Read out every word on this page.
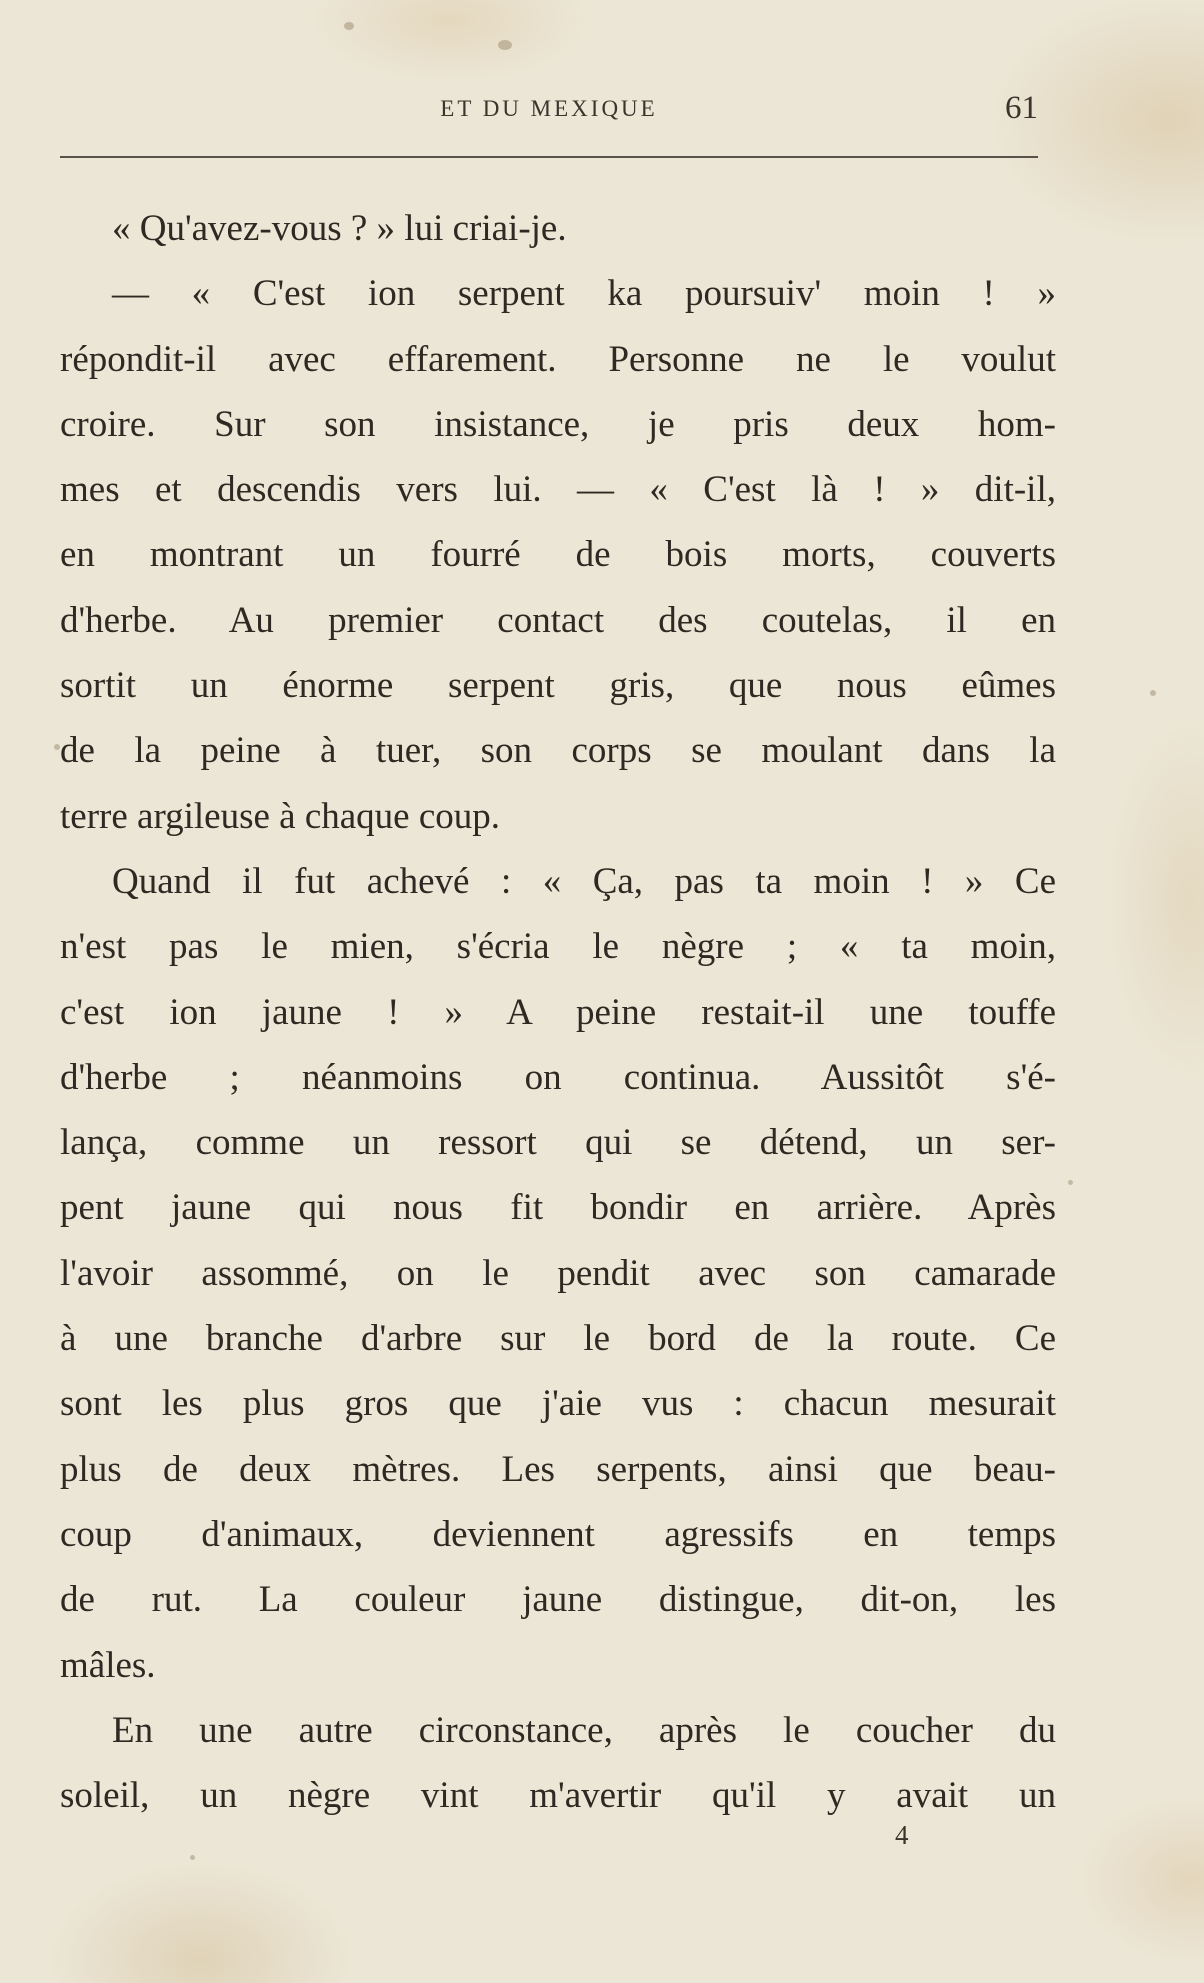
ET DU MEXIQUE	61
« Qu'avez-vous ? » lui criai-je.
— « C'est ion serpent ka poursuiv' moin ! »
répondit-il avec effarement. Personne ne le voulut
croire. Sur son insistance, je pris deux hom-
mes et descendis vers lui. — « C'est là ! » dit-il,
en montrant un fourré de bois morts, couverts
d'herbe. Au premier contact des coutelas, il en
sortit un énorme serpent gris, que nous eûmes
de la peine à tuer, son corps se moulant dans la
terre argileuse à chaque coup.
Quand il fut achevé : « Ça, pas ta moin ! » Ce
n'est pas le mien, s'écria le nègre ; « ta moin,
c'est ion jaune ! » A peine restait-il une touffe
d'herbe ; néanmoins on continua. Aussitôt s'é-
lança, comme un ressort qui se détend, un ser-
pent jaune qui nous fit bondir en arrière. Après
l'avoir assommé, on le pendit avec son camarade
à une branche d'arbre sur le bord de la route. Ce
sont les plus gros que j'aie vus : chacun mesurait
plus de deux mètres. Les serpents, ainsi que beau-
coup d'animaux, deviennent agressifs en temps
de rut. La couleur jaune distingue, dit-on, les
mâles.
En une autre circonstance, après le coucher du
soleil, un nègre vint m'avertir qu'il y avait un
4
